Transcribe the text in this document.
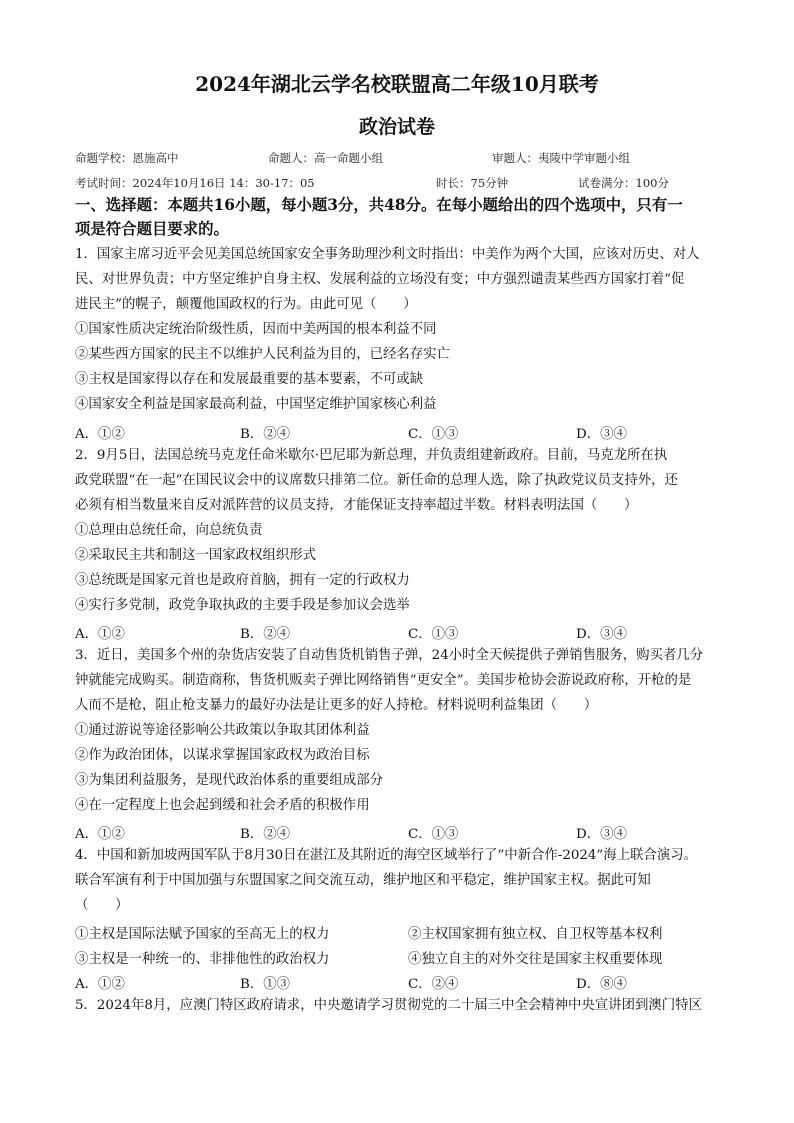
2024年湖北云学名校联盟高二年级10月联考
政治试卷
命题学校：恩施高中	命题人：高一命题小组	审题人：夷陵中学审题小组
考试时间：2024年10月16日 14：30-17：05	时长：75分钟	试卷满分：100分
一、选择题：本题共16小题，每小题3分，共48分。在每小题给出的四个选项中，只有一
项是符合题目要求的。
1．国家主席习近平会见美国总统国家安全事务助理沙利文时指出：中美作为两个大国，应该对历史、对人
民、对世界负责；中方坚定维护自身主权、发展利益的立场没有变；中方强烈谴责某些西方国家打着“促
进民主”的幌子，颠覆他国政权的行为。由此可见（　　）
①国家性质决定统治阶级性质，因而中美两国的根本利益不同
②某些西方国家的民主不以维护人民利益为目的，已经名存实亡
③主权是国家得以存在和发展最重要的基本要素，不可或缺
④国家安全利益是国家最高利益，中国坚定维护国家核心利益
A．①②	B．②④	C．①③	D．③④
2．9月5日，法国总统马克龙任命米歇尔·巴尼耶为新总理，并负责组建新政府。目前，马克龙所在执
政党联盟“在一起”在国民议会中的议席数只排第二位。新任命的总理人选，除了执政党议员支持外，还
必须有相当数量来自反对派阵营的议员支持，才能保证支持率超过半数。材料表明法国（　　）
①总理由总统任命，向总统负责
②采取民主共和制这一国家政权组织形式
③总统既是国家元首也是政府首脑，拥有一定的行政权力
④实行多党制，政党争取执政的主要手段是参加议会选举
A．①②	B．②④	C．①③	D．③④
3．近日，美国多个州的杂货店安装了自动售货机销售子弹，24小时全天候提供子弹销售服务，购买者几分
钟就能完成购买。制造商称，售货机贩卖子弹比网络销售“更安全”。美国步枪协会游说政府称，开枪的是
人而不是枪，阻止枪支暴力的最好办法是让更多的好人持枪。材料说明利益集团（　　）
①通过游说等途径影响公共政策以争取其团体利益
②作为政治团体，以谋求掌握国家政权为政治目标
③为集团利益服务，是现代政治体系的重要组成部分
④在一定程度上也会起到缓和社会矛盾的积极作用
A．①②	B．②④	C．①③	D．③④
4．中国和新加坡两国军队于8月30日在湛江及其附近的海空区域举行了“中新合作-2024”海上联合演习。
联合军演有利于中国加强与东盟国家之间交流互动，维护地区和平稳定，维护国家主权。据此可知
（　　）
①主权是国际法赋予国家的至高无上的权力	②主权国家拥有独立权、自卫权等基本权利
③主权是一种统一的、非排他性的政治权力	④独立自主的对外交往是国家主权重要体现
A．①②	B．①③	C．②④	D．⑧④
5．2024年8月，应澳门特区政府请求，中央邀请学习贯彻党的二十届三中全会精神中央宣讲团到澳门特区
